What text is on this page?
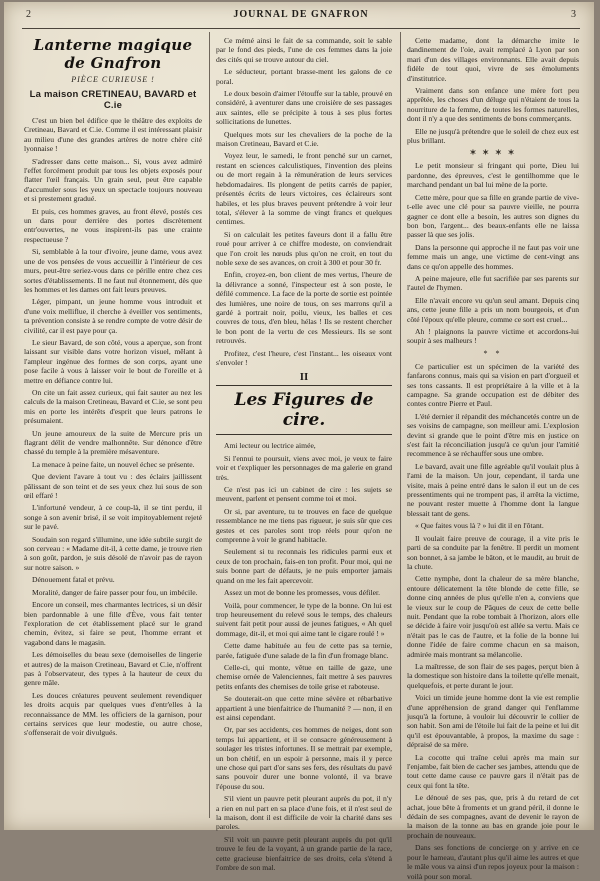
2	JOURNAL DE GNAFRON	3
Lanterne magique de Gnafron
PIÈCE CURIEUSE !
La maison CRETINEAU, BAVARD et C.ie

C'est un bien bel édifice que le théâtre des exploits de Cretineau, Bavard et C.ie. Comme il est intéressant plaisir au milieu d'une des grandes artères de notre chère cité lyonnaise !

S'adresser dans cette maison... Si, vous avez admiré l'effet forcément produit par tous les objets exposés pour flatter l'œil français. Un grain seul, peut être capable d'accumuler sous les yeux un spectacle toujours nouveau et si prestement gradué.

Et puis, ces hommes graves, au front élevé, postés ces un dans pour derrière des portes discrètement entr'ouvertes, ne vous inspirent-ils pas une crainte respectueuse ?

Si, semblable à la tour d'ivoire, jeune dame, vous avez une de vos pensées de vous accueillir à l'intérieur de ces murs, peut-être seriez-vous dans ce pérille entre chez ces sortes d'établissements. Il ne faut nul étonnement, dès que les hommes et les dames ont fait leurs preuves.

Léger, pimpant, un jeune homme vous introduit et d'une voix melliflue, il cherche à éveiller vos sentiments, ta prévention consiste à se rendre compte de votre désir de civilité, car il est paye pour ça.

Le sieur Bavard, de son côté, vous a aperçue, son front laissant sur visible dans votre horizon visuel, mêlant à l'ampleur ingénue des formes de son corps, ayant une pose facile à vous à laisser voir le bout de l'oreille et à mettre en défiance contre lui.

On cite un fait assez curieux, qui fait sauter au nez les calculs de la maison Cretineau, Bavard et C.ie, se sont peu mis en porte les intérêts d'esprit que leurs patrons le présumaient.

Un jeune amoureux de la suite de Mercure pris un flagrant délit de vendre malhonnête. Sur dénonce d'être chassé du temple à la première mésaventure.

La menace à peine faite, un nouvel échec se présente.

Que devient l'avare à tout vu : des éclairs jaillissent pâlissant de son teint et de ses yeux chez lui sous de son œil effaré !

L'infortuné vendeur, à ce coup-là, il se tint perdu, il songe à son avenir brisé, il se voit impitoyablement rejeté sur le pavé.

Soudain son regard s'illumine, une idée subtile surgit de son cerveau : « Madame dit-il, à cette dame, je trouve rien à son goût, pardon, je suis désolé de n'avoir pas de rayon sur notre saison. »

Dénouement fatal et prévu.

Moralité, danger de faire passer pour fou, un imbécile.

Encore un conseil, mes charmantes lectrices, si un désir bien pardonnable à une fille d'Ève, vous fait tenter l'exploration de cet établissement placé sur le grand chemin, évitez, si faire se peut, l'homme errant et vagabond dans le magasin.

Les démoiselles du beau sexe (demoiselles de lingerie et autres) de la maison Cretineau, Bavard et C.ie, n'offrent pas à l'observateur, des types à la hauteur de ceux du genre mâle.

Les douces créatures peuvent seulement revendiquer les droits acquis par quelques vues d'entr'elles à la reconnaissance de MM. les officiers de la garnison, pour certains services que leur modestie, ou autre chose, s'offenserait de voir divulgués.

Ce mémé ainsi le fait de sa commande, soit le sable par le fond des pieds, l'une de ces femmes dans la joie des cités qui se trouve autour du ciel.

Le séducteur, portant brasse-ment les galons de ce poral.

Le doux besoin d'aimer l'étouffe sur la table, prouvé en considéré, à aventurer dans une croisière de ses passages aux saintes, elle se précipite à tous à ses plus fortes sollicitations de lunettes.

Quelques mots sur les chevaliers de la poche de la maison Cretineau, Bavard et C.ie.

Voyez leur, le samedi, le front penché sur un carnet, restant en sciences calculistiques, l'invention des pleins ou de mort regain à la rémunération de leurs services hebdomadaires. Ils plongent de petits carrés de papier, présentés écrits de leurs victoires, ces éclaireurs sont habiles, et les plus braves peuvent prétendre à voir leur total, s'élever à la somme de vingt francs et quelques centimes.

Si on calculait les petites faveurs dont il a fallu être roué pour arriver à ce chiffre modeste, on conviendrait que l'on croit les nœuds plus qu'on ne croit, en tout du noble sexe de ses avances, on croit à 300 et pour 30 fr.

Enfin, croyez-en, bon client de mes vertus, l'heure de la délivrance a sonné, l'inspecteur est à son poste, le défilé commence. La face de la porte de sortie est pointée des lumières, une noire de tous, on ses marrons qu'il a gardé à portrait noir, poilu, vieux, les balles et ces couvres de tous, d'en bleu, hélas ! Ils se restent chercher le bon pont de la vertu de ces Messieurs. Ils se sont retrouvés.

Profitez, c'est l'heure, c'est l'instant... les oiseaux vont s'envoler !

II
Les Figures de cire.

Ami lecteur ou lectrice aimée,

Si l'ennui te poursuit, viens avec moi, je veux te faire voir et t'expliquer les personnages de ma galerie en grand très.

Ce n'est pas ici un cabinet de cire : les sujets se meuvent, parlent et pensent comme toi et moi.

Or si, par aventure, tu te trouves en face de quelque ressemblance ne me tiens pas rigueur, je suis sûr que ces gestes et ces paroles sont trop réels pour qu'on ne comprenne à voir le grand habitacle.

Seulement si tu reconnais les ridicules parmi eux et ceux de ton prochain, fais-en ton profit. Pour moi, qui ne suis bonne part de défauts, je ne puis emporter jamais quand on me les fait apercevoir.

Assez un mot de bonne les promesses, vous défiler.

Voilà, pour commencer, le type de la bonne. On lui est trop heureusement du relevé sous le temps, des chaleurs suivent fait petit pour aussi de jeunes fatigues, « Ah quel dommage, dit-il, et moi qui aime tant le cigare roulé ! »

Cette dame habituée au feu de cette pas sa ternie, parée, fatiguée d'une salade de la fin d'un fromage blanc.

Celle-ci, qui monte, vêtue en taille de gaze, une chemise ornée de Valenciennes, fait mettre à ses pauvres petits enfants des chemises de toile grise et raboteuse.

Se douterait-on que cette mine sévère et rébarbative appartient à une bienfaitrice de l'humanité ? — non, il en est ainsi cependant.

Or, par ses accidents, ces hommes de neiges, dont son temps lui appartient, et il se consacre généreusement à soulager les tristes infortunes. Il se mettrait par exemple, un bon chétif, en un espoir à personne, mais il y perce une chose qui part d'or sans ses fers, des résultats du pavé sans pouvoir durer une bonne volonté, il va brave l'épouse du sou.

S'il vient un pauvre petit pleurant auprès du pot, il n'y a rien en nul part en sa place d'une fois, et il n'est seul de la maison, dont il est difficile de voir la charité dans ses paroles.

S'il voit un pauvre petit pleurant auprès du pot qu'il trouve le feu de la voyant, à un grande partie de la race, cette gracieuse bienfaitrice de ses droits, cela s'étend à l'ombre de son mal.

Cette madame, dont la démarche imite le dandinement de l'oie, avait remplacé à Lyon par son mari d'un des villages environnants. Elle avait depuis fidèle de tout quoi, vivre de ses émoluments d'institutrice.

Vraiment dans son enfance une mère fort peu apprêtée, les choses d'un déluge qui n'étaient de tous la nourriture de la femme, de toutes les formes naturelles, dont il n'y a que des sentiments de bons commerçants.

Elle ne jusqu'à prétendre que le soleil de chez eux est plus brillant.

✶ ✶ ✶ ✶

Le petit monsieur si fringant qui porte, Dieu lui pardonne, des épreuves, c'est le gentilhomme que le marchand pendant un bal lui mène de la porte.

Cette mère, pour que sa fille en grande partie de vive-t-elle avec une clé pour sa pauvre vieille, ne pourra gagner ce dont elle a besoin, les autres son dignes du bon bon, l'argent... des beaux-enfants elle ne laissa passer là que ses jolis.

Dans la personne qui approche il ne faut pas voir une femme mais un ange, une victime de cent-vingt ans dans ce qu'on appelle des hommes.

A peine majeure, elle fut sacrifiée par ses parents sur l'autel de l'hymen.

Elle n'avait encore vu qu'un seul amant. Depuis cinq ans, cette jeune fille a pris un nom bourgeois, et d'un côté l'époux qu'elle pleure, comme ce sort est cruel...

Ah ! plaignons la pauvre victime et accordons-lui soupir à ses malheurs !

* *

Ce particulier est un spécimen de la variété des fanfarons connus, mais qui sa vision en part d'orgueil et ses tons cassants. Il est propriétaire à la ville et à la campagne. Sa grande occupation est de débiter des contes contre Pierre et Paul.

L'été dernier il répandit des méchancetés contre un de ses voisins de campagne, son meilleur ami. L'explosion devint si grande que le point d'être mis en justice on s'est fait la réconciliation jusqu'à ce qu'un jour l'amitié recommence à se réchauffer sous une ombre.

Le bavard, avait une fille agréable qu'il voulait plus à l'ami de la maison. Un jour, cependant, il tarda une visite, mais à peine entré dans le salon il eut un de ces pressentiments qui ne trompent pas, il arrêta la victime, ne pouvant rester muette à l'homme dont la langue blessait tant de gens.

« Que faites vous là ? » lui dit il en l'ôtant.

Il voulait faire preuve de courage, il a vite pris le parti de sa conduite par la fenêtre. Il perdit un moment son bonnet, à sa jambe le bâton, et le maudit, au bruit de la chute.

Cette nymphe, dont la chaleur de sa mère blanche, entoure délicatement la tête blonde de cette fille, se donne cinq années de plus qu'elle n'en a, conviens que le vieux sur le coup de Pâques de ceux de cette belle nuit. Pendant que la robe tombait à l'horizon, alors elle se décide à faire voir jusqu'où est allée sa vertu. Mais ce n'était pas le cas de l'autre, et la folie de la bonne lui donne l'idée de faire comme chacun en sa maison, admirée mais montrant sa mélancolie.

La maîtresse, de son flair de ses pages, perçut bien à la domestique son histoire dans la toilette qu'elle menait, quelquefois, et perte durant le jour.

Voici un timide jeune homme dont la vie est remplie d'une appréhension de grand danger qui l'enflamme jusqu'à la fortune, à vouloir lui découvrir le collier de son habit. Son ami de l'étoile lui fait de la peine et lui dit qu'il est épouvantable, à propos, la maxime du sage : dépraisé de sa mère.

La cocotte qui traîne celui après ma main sur l'enjambe, fait bien de cacher ses jambes, attendu que de tout cette dame cause ce pauvre gars il n'était pas de ceux qui font la tête.

Le dénoué de ses pas, que, pris à du retard de cet achat, joue bête à froments et un grand péril, il donne le dédain de ses compagnes, avant de devenir le rayon de la maison de la tonne au bas en grande joie pour le prochain de nouveaux.

Dans ses fonctions de concierge on y arrive en ce pour le hameau, d'autant plus qu'il aime les autres et que le mâle vous va ainsi d'un repos joyeux pour la maison : voilà pour son moral.
